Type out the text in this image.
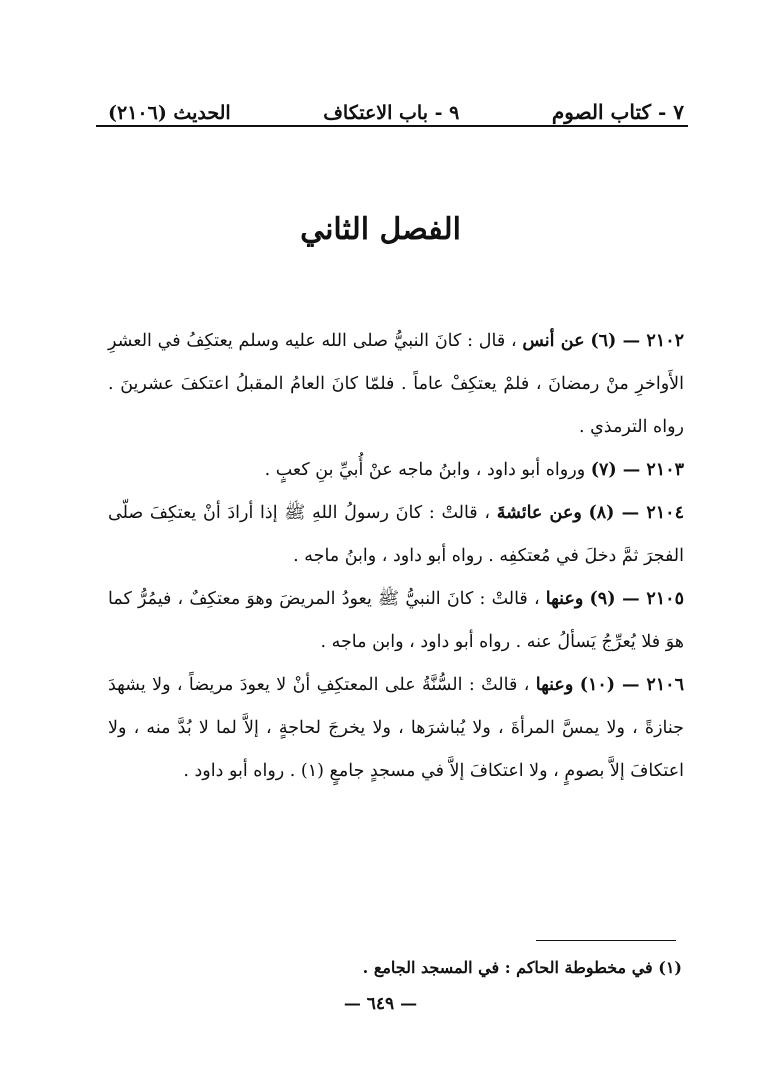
٧ - كتاب الصوم
٩ - باب الاعتكاف
الحديث (٢١٠٦)
الفصل الثاني

٢١٠٢ — (٦) عن أنس ، قال : كانَ النبيُّ صلى الله عليه وسلم يعتكِفُ في العشرِ الأَواخرِ منْ رمضانَ ، فلمْ يعتكِفْ عاماً . فلمّا كانَ العامُ المقبلُ اعتكفَ عشرينَ . رواه الترمذي .

٢١٠٣ — (٧) ورواه أبو داود ، وابنُ ماجه عنْ أُبيِّ بنِ كعبٍ .

٢١٠٤ — (٨) وعن عائشةَ ، قالتْ : كانَ رسولُ اللهِ ﷺ إذا أرادَ أنْ يعتكِفَ صلّى الفجرَ ثمَّ دخلَ في مُعتكفِه . رواه أبو داود ، وابنُ ماجه .

٢١٠٥ — (٩) وعنها ، قالتْ : كانَ النبيُّ ﷺ يعودُ المريضَ وهوَ معتكِفٌ ، فيمُرُّ كما هوَ فلا يُعرِّجُ يَسألُ عنه . رواه أبو داود ، وابن ماجه .

٢١٠٦ — (١٠) وعنها ، قالتْ : السُّنَّةُ على المعتكِفِ أنْ لا يعودَ مريضاً ، ولا يشهدَ جنازةً ، ولا يمسَّ المرأةَ ، ولا يُباشرَها ، ولا يخرجَ لحاجةٍ ، إلاَّ لما لا بُدَّ منه ، ولا اعتكافَ إلاَّ بصومٍ ، ولا اعتكافَ إلاَّ في مسجدٍ جامعٍ (١) . رواه أبو داود .

(١) في مخطوطة الحاكم : في المسجد الجامع .
— ٦٤٩ —
